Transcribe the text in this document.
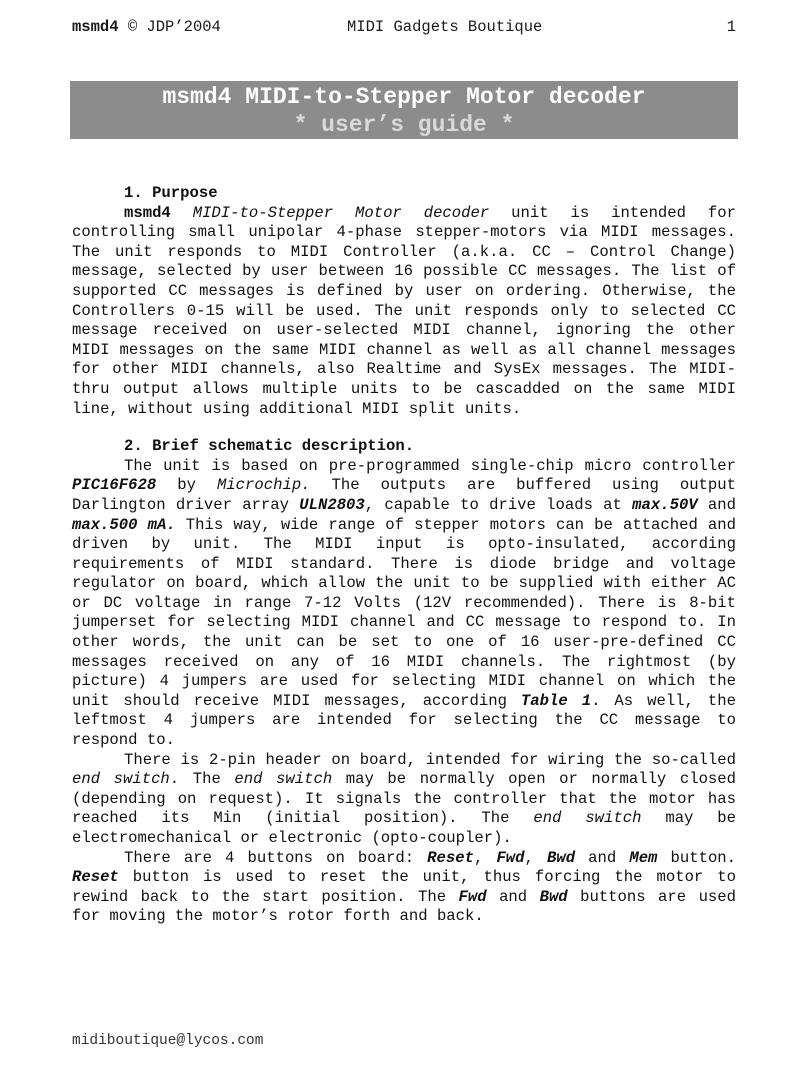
msmd4 © JDP’2004	MIDI Gadgets Boutique	1
msmd4 MIDI-to-Stepper Motor decoder
* user’s guide *

1. Purpose

msmd4 MIDI-to-Stepper Motor decoder unit is intended for controlling small unipolar 4-phase stepper-motors via MIDI messages. The unit responds to MIDI Controller (a.k.a. CC – Control Change) message, selected by user between 16 possible CC messages. The list of supported CC messages is defined by user on ordering. Otherwise, the Controllers 0-15 will be used. The unit responds only to selected CC message received on user-selected MIDI channel, ignoring the other MIDI messages on the same MIDI channel as well as all channel messages for other MIDI channels, also Realtime and SysEx messages. The MIDI-thru output allows multiple units to be cascadded on the same MIDI line, without using additional MIDI split units.

2. Brief schematic description.

The unit is based on pre-programmed single-chip micro controller PIC16F628 by Microchip. The outputs are buffered using output Darlington driver array ULN2803, capable to drive loads at max.50V and max.500 mA. This way, wide range of stepper motors can be attached and driven by unit. The MIDI input is opto-insulated, according requirements of MIDI standard. There is diode bridge and voltage regulator on board, which allow the unit to be supplied with either AC or DC voltage in range 7-12 Volts (12V recommended). There is 8-bit jumperset for selecting MIDI channel and CC message to respond to. In other words, the unit can be set to one of 16 user-pre-defined CC messages received on any of 16 MIDI channels. The rightmost (by picture) 4 jumpers are used for selecting MIDI channel on which the unit should receive MIDI messages, according Table 1. As well, the leftmost 4 jumpers are intended for selecting the CC message to respond to.

There is 2-pin header on board, intended for wiring the so-called end switch. The end switch may be normally open or normally closed (depending on request). It signals the controller that the motor has reached its Min (initial position). The end switch may be electromechanical or electronic (opto-coupler).

There are 4 buttons on board: Reset, Fwd, Bwd and Mem button. Reset button is used to reset the unit, thus forcing the motor to rewind back to the start position. The Fwd and Bwd buttons are used for moving the motor’s rotor forth and back.

midiboutique@lycos.com
